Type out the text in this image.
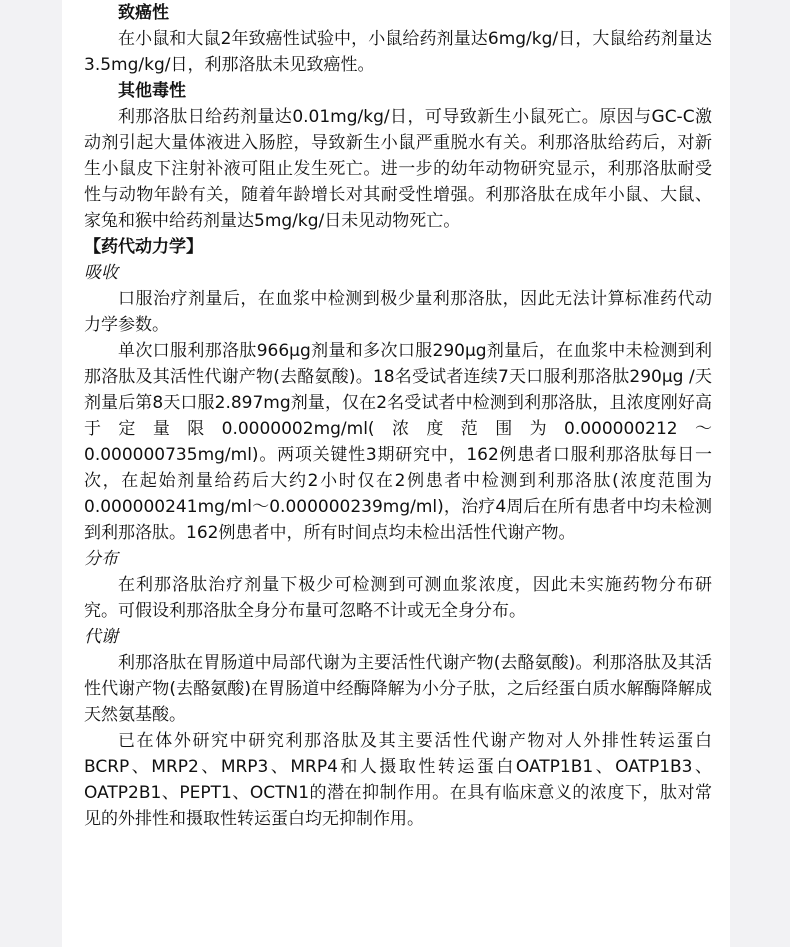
致癌性

在小鼠和大鼠2年致癌性试验中，小鼠给药剂量达6mg/kg/日，大鼠给药剂量达3.5mg/kg/日，利那洛肽未见致癌性。

其他毒性

利那洛肽日给药剂量达0.01mg/kg/日，可导致新生小鼠死亡。原因与GC-C激动剂引起大量体液进入肠腔，导致新生小鼠严重脱水有关。利那洛肽给药后，对新生小鼠皮下注射补液可阻止发生死亡。进一步的幼年动物研究显示，利那洛肽耐受性与动物年龄有关，随着年龄增长对其耐受性增强。利那洛肽在成年小鼠、大鼠、家兔和猴中给药剂量达5mg/kg/日未见动物死亡。

【药代动力学】

吸收

口服治疗剂量后，在血浆中检测到极少量利那洛肽，因此无法计算标准药代动力学参数。

单次口服利那洛肽966μg剂量和多次口服290μg剂量后，在血浆中未检测到利那洛肽及其活性代谢产物(去酪氨酸)。18名受试者连续7天口服利那洛肽290μg /天剂量后第8天口服2.897mg剂量，仅在2名受试者中检测到利那洛肽，且浓度刚好高于定量限0.0000002mg/ml(浓度范围为0.000000212～0.000000735mg/ml)。两项关键性3期研究中，162例患者口服利那洛肽每日一次，在起始剂量给药后大约2小时仅在2例患者中检测到利那洛肽(浓度范围为0.000000241mg/ml～0.000000239mg/ml)，治疗4周后在所有患者中均未检测到利那洛肽。162例患者中，所有时间点均未检出活性代谢产物。

分布

在利那洛肽治疗剂量下极少可检测到可测血浆浓度，因此未实施药物分布研究。可假设利那洛肽全身分布量可忽略不计或无全身分布。

代谢

利那洛肽在胃肠道中局部代谢为主要活性代谢产物(去酪氨酸)。利那洛肽及其活性代谢产物(去酪氨酸)在胃肠道中经酶降解为小分子肽，之后经蛋白质水解酶降解成天然氨基酸。

已在体外研究中研究利那洛肽及其主要活性代谢产物对人外排性转运蛋白BCRP、MRP2、MRP3、MRP4和人摄取性转运蛋白OATP1B1、OATP1B3、OATP2B1、PEPT1、OCTN1的潜在抑制作用。在具有临床意义的浓度下，肽对常见的外排性和摄取性转运蛋白均无抑制作用。
